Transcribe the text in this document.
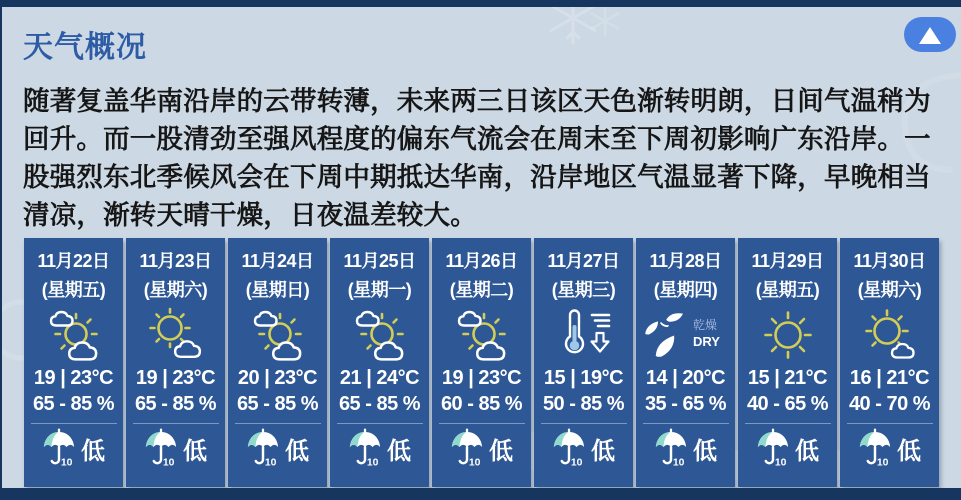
天气概况
随著复盖华南沿岸的云带转薄，未来两三日该区天色渐转明朗，日间气温稍为回升。而一股清劲至强风程度的偏东气流会在周末至下周初影响广东沿岸。一股强烈东北季候风会在下周中期抵达华南，沿岸地区气温显著下降，早晚相当清凉，渐转天晴干燥，日夜温差较大。
11月22日
(星期五)
19 | 23°C
65 - 85 %
10 低
11月23日
(星期六)
19 | 23°C
65 - 85 %
10 低
11月24日
(星期日)
20 | 23°C
65 - 85 %
10 低
11月25日
(星期一)
21 | 24°C
65 - 85 %
10 低
11月26日
(星期二)
19 | 23°C
60 - 85 %
10 低
11月27日
(星期三)
15 | 19°C
50 - 85 %
10 低
11月28日
(星期四)
乾燥
DRY
14 | 20°C
35 - 65 %
10 低
11月29日
(星期五)
15 | 21°C
40 - 65 %
10 低
11月30日
(星期六)
16 | 21°C
40 - 70 %
10 低
